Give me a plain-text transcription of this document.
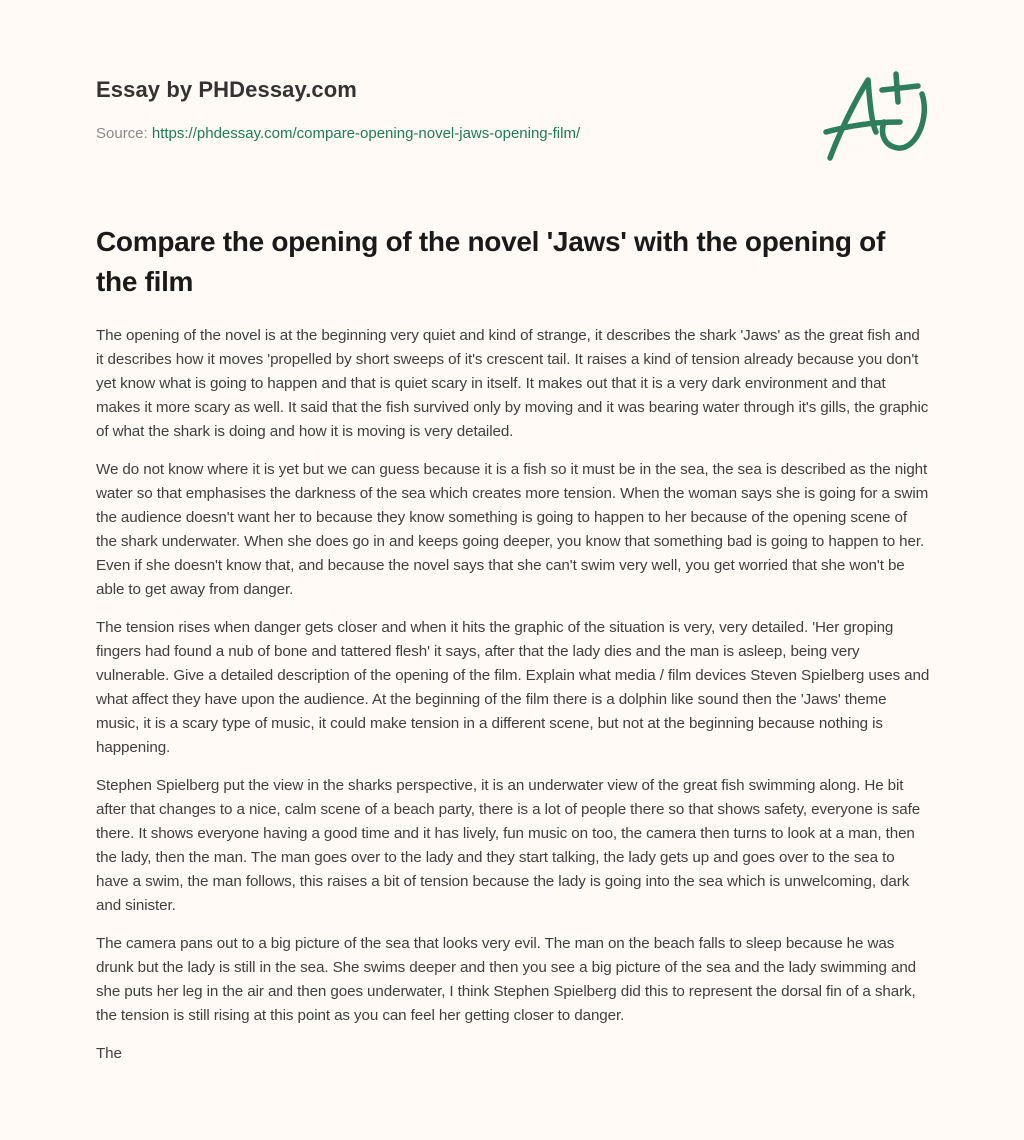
Essay by PHDessay.com
Source: https://phdessay.com/compare-opening-novel-jaws-opening-film/
Compare the opening of the novel 'Jaws' with the opening of the film

The opening of the novel is at the beginning very quiet and kind of strange, it describes the shark 'Jaws' as the great fish and it describes how it moves 'propelled by short sweeps of it's crescent tail. It raises a kind of tension already because you don't yet know what is going to happen and that is quiet scary in itself. It makes out that it is a very dark environment and that makes it more scary as well. It said that the fish survived only by moving and it was bearing water through it's gills, the graphic of what the shark is doing and how it is moving is very detailed.

We do not know where it is yet but we can guess because it is a fish so it must be in the sea, the sea is described as the night water so that emphasises the darkness of the sea which creates more tension. When the woman says she is going for a swim the audience doesn't want her to because they know something is going to happen to her because of the opening scene of the shark underwater. When she does go in and keeps going deeper, you know that something bad is going to happen to her. Even if she doesn't know that, and because the novel says that she can't swim very well, you get worried that she won't be able to get away from danger.

The tension rises when danger gets closer and when it hits the graphic of the situation is very, very detailed. 'Her groping fingers had found a nub of bone and tattered flesh' it says, after that the lady dies and the man is asleep, being very vulnerable. Give a detailed description of the opening of the film. Explain what media / film devices Steven Spielberg uses and what affect they have upon the audience. At the beginning of the film there is a dolphin like sound then the 'Jaws' theme music, it is a scary type of music, it could make tension in a different scene, but not at the beginning because nothing is happening.

Stephen Spielberg put the view in the sharks perspective, it is an underwater view of the great fish swimming along. He bit after that changes to a nice, calm scene of a beach party, there is a lot of people there so that shows safety, everyone is safe there. It shows everyone having a good time and it has lively, fun music on too, the camera then turns to look at a man, then the lady, then the man. The man goes over to the lady and they start talking, the lady gets up and goes over to the sea to have a swim, the man follows, this raises a bit of tension because the lady is going into the sea which is unwelcoming, dark and sinister.

The camera pans out to a big picture of the sea that looks very evil. The man on the beach falls to sleep because he was drunk but the lady is still in the sea. She swims deeper and then you see a big picture of the sea and the lady swimming and she puts her leg in the air and then goes underwater, I think Stephen Spielberg did this to represent the dorsal fin of a shark, the tension is still rising at this point as you can feel her getting closer to danger.

The
